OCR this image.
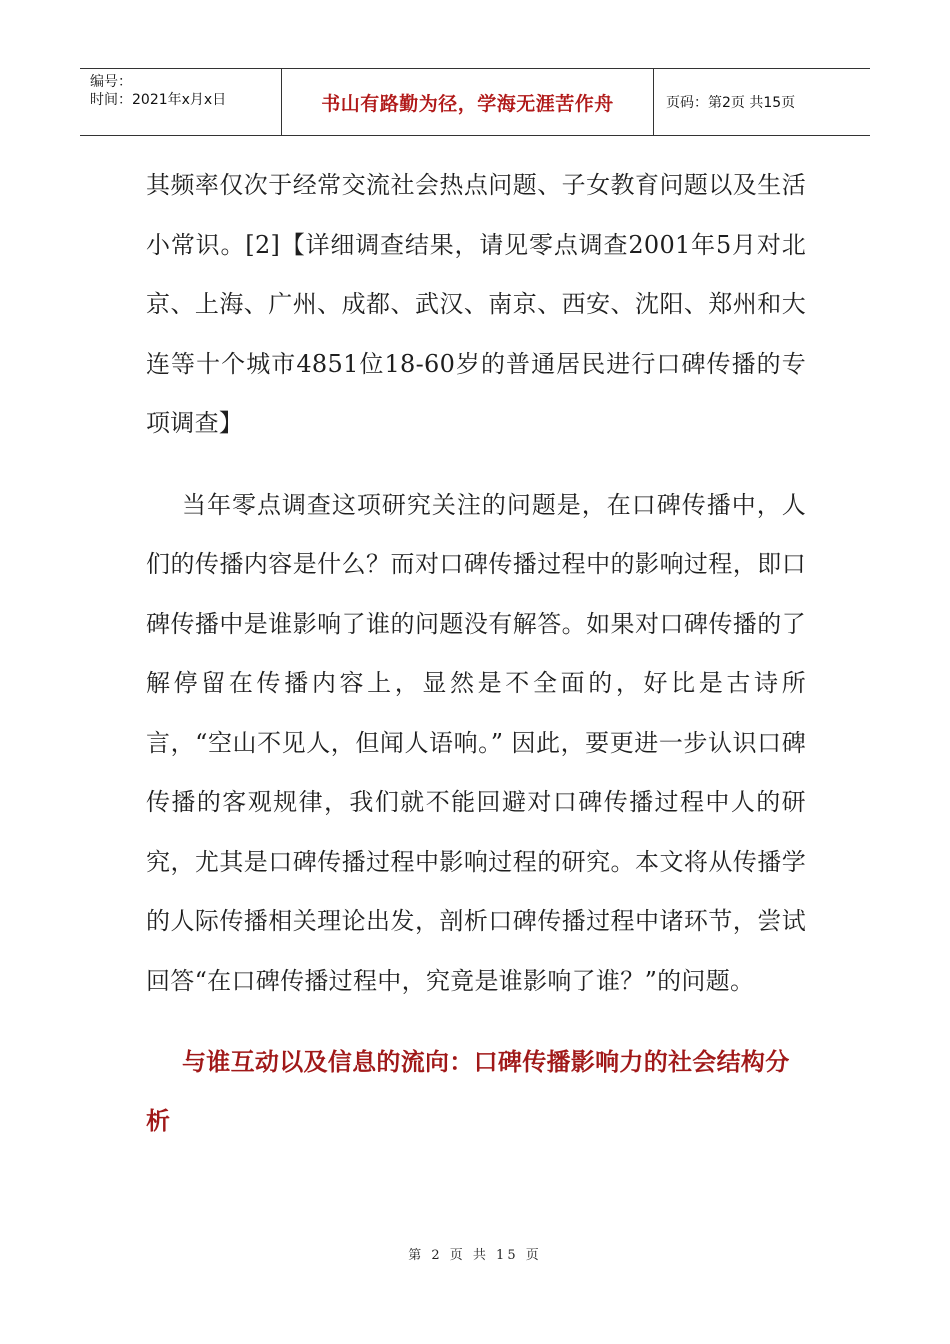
编号：
时间：2021年x月x日	书山有路勤为径，学海无涯苦作舟	页码：第2页 共15页

其频率仅次于经常交流社会热点问题、子女教育问题以及生活小常识。[2]【详细调查结果，请见零点调查2001年5月对北京、上海、广州、成都、武汉、南京、西安、沈阳、郑州和大连等十个城市4851位18-60岁的普通居民进行口碑传播的专项调查】

当年零点调查这项研究关注的问题是，在口碑传播中，人们的传播内容是什么？而对口碑传播过程中的影响过程，即口碑传播中是谁影响了谁的问题没有解答。如果对口碑传播的了解停留在传播内容上，显然是不全面的，好比是古诗所言，“空山不见人，但闻人语响。” 因此，要更进一步认识口碑传播的客观规律，我们就不能回避对口碑传播过程中人的研究，尤其是口碑传播过程中影响过程的研究。本文将从传播学的人际传播相关理论出发，剖析口碑传播过程中诸环节，尝试回答“在口碑传播过程中，究竟是谁影响了谁？”的问题。

与谁互动以及信息的流向：口碑传播影响力的社会结构分析

第 2 页 共 15 页
